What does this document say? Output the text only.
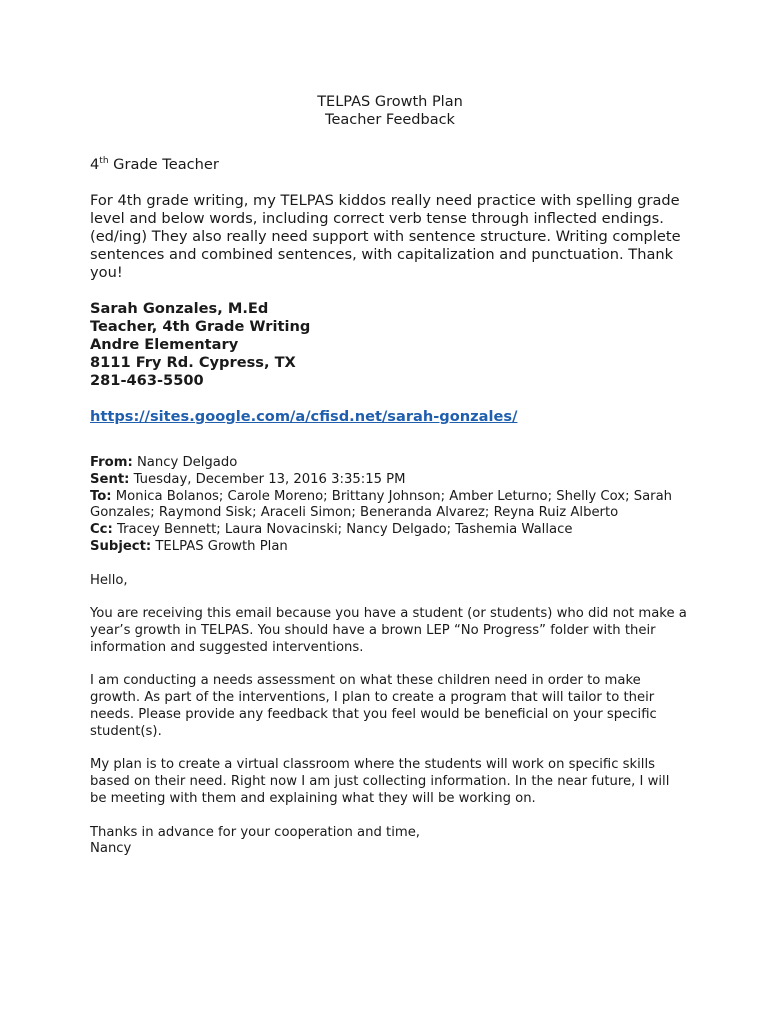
TELPAS Growth Plan

Teacher Feedback

4th Grade Teacher

For 4th grade writing, my TELPAS kiddos really need practice with spelling grade level and below words, including correct verb tense through inflected endings. (ed/ing) They also really need support with sentence structure. Writing complete sentences and combined sentences, with capitalization and punctuation. Thank you!

Sarah Gonzales, M.Ed
Teacher, 4th Grade Writing
Andre Elementary
8111 Fry Rd. Cypress, TX
281-463-5500
https://sites.google.com/a/cfisd.net/sarah-gonzales/
From: Nancy Delgado
Sent: Tuesday, December 13, 2016 3:35:15 PM
To: Monica Bolanos; Carole Moreno; Brittany Johnson; Amber Leturno; Shelly Cox; Sarah Gonzales; Raymond Sisk; Araceli Simon; Beneranda Alvarez; Reyna Ruiz Alberto
Cc: Tracey Bennett; Laura Novacinski; Nancy Delgado; Tashemia Wallace
Subject: TELPAS Growth Plan

Hello,

You are receiving this email because you have a student (or students) who did not make a year’s growth in TELPAS. You should have a brown LEP “No Progress” folder with their information and suggested interventions.

I am conducting a needs assessment on what these children need in order to make growth. As part of the interventions, I plan to create a program that will tailor to their needs. Please provide any feedback that you feel would be beneficial on your specific student(s).

My plan is to create a virtual classroom where the students will work on specific skills based on their need. Right now I am just collecting information. In the near future, I will be meeting with them and explaining what they will be working on.

Thanks in advance for your cooperation and time,

Nancy
